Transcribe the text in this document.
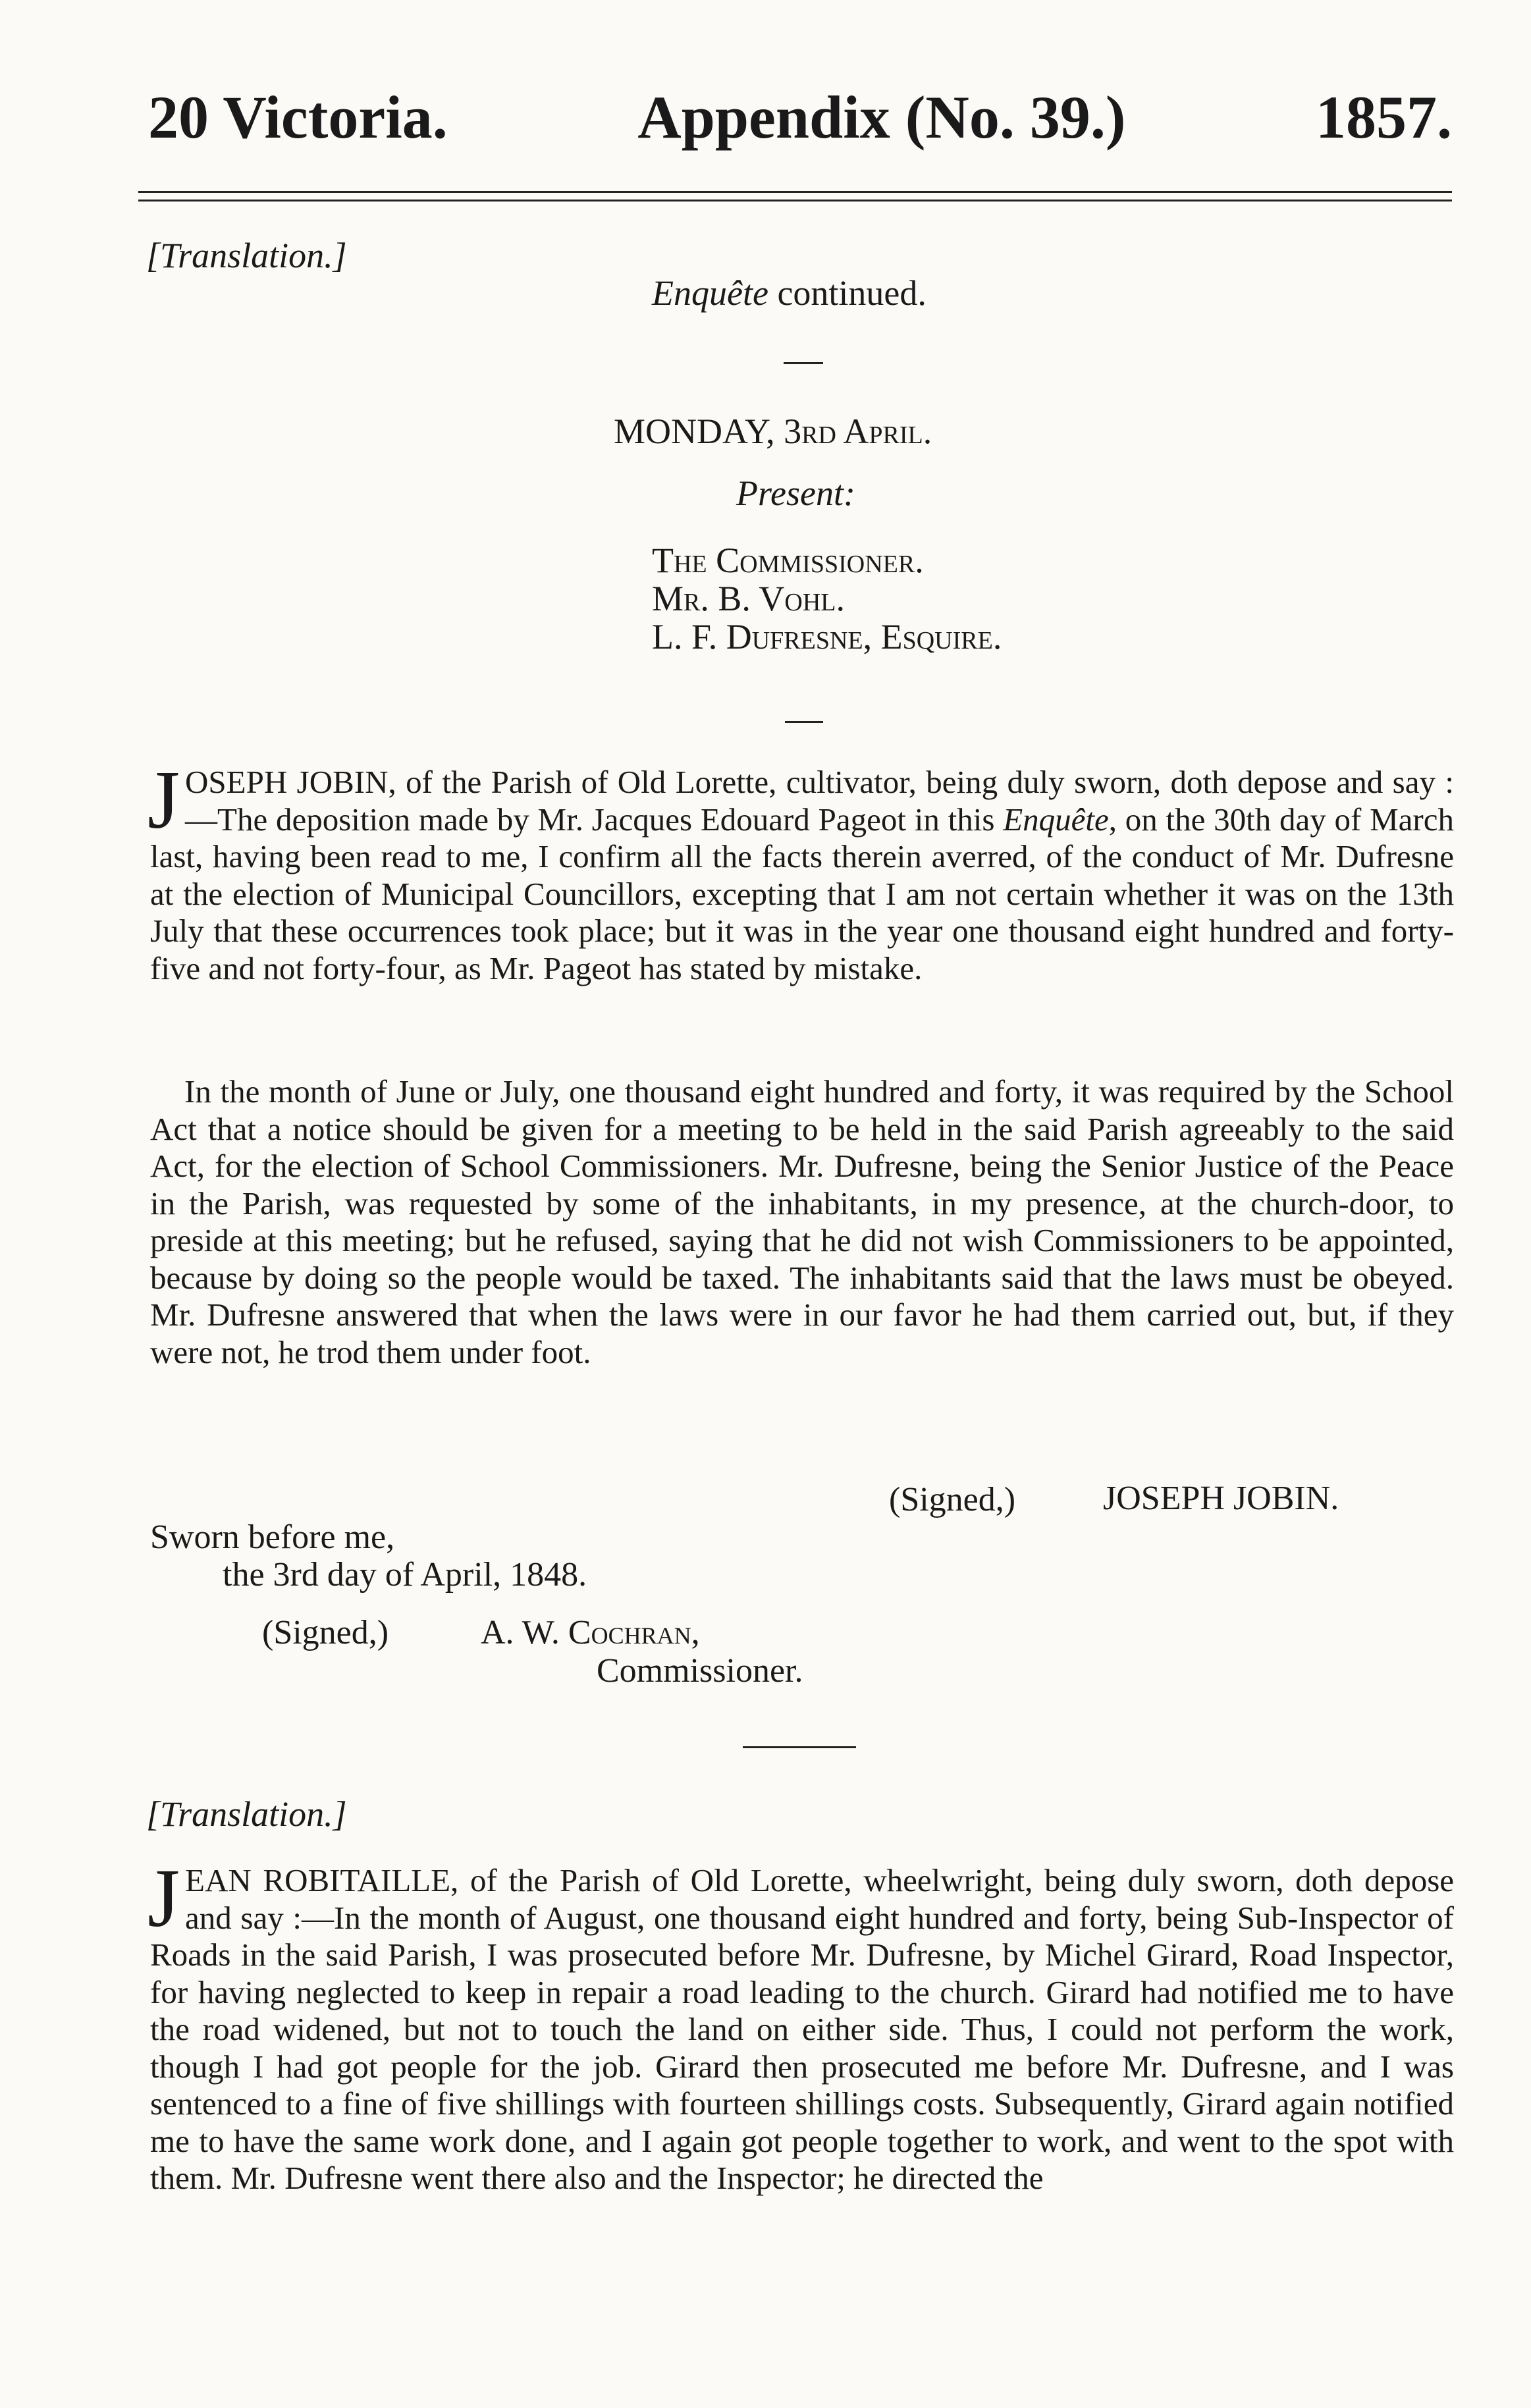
20 Victoria.	Appendix (No. 39.)	1857.
[Translation.]
Enquête continued.
MONDAY, 3rd April.
Present:
The Commissioner.
Mr. B. Vohl.
L. F. Dufresne, Esquire.
JOSEPH JOBIN, of the Parish of Old Lorette, cultivator, being duly sworn, doth depose and say :—The deposition made by Mr. Jacques Edouard Pageot in this Enquête, on the 30th day of March last, having been read to me, I confirm all the facts therein averred, of the conduct of Mr. Dufresne at the election of Municipal Councillors, excepting that I am not certain whether it was on the 13th July that these occurrences took place; but it was in the year one thousand eight hundred and forty-five and not forty-four, as Mr. Pageot has stated by mistake.
In the month of June or July, one thousand eight hundred and forty, it was required by the School Act that a notice should be given for a meeting to be held in the said Parish agreeably to the said Act, for the election of School Commissioners. Mr. Dufresne, being the Senior Justice of the Peace in the Parish, was requested by some of the inhabitants, in my presence, at the church-door, to preside at this meeting; but he refused, saying that he did not wish Commissioners to be appointed, because by doing so the people would be taxed. The inhabitants said that the laws must be obeyed. Mr. Dufresne answered that when the laws were in our favor he had them carried out, but, if they were not, he trod them under foot.
(Signed,)	JOSEPH JOBIN.
Sworn before me,
the 3rd day of April, 1848.
(Signed,)	A. W. Cochran,
Commissioner.
[Translation.]
JEAN ROBITAILLE, of the Parish of Old Lorette, wheelwright, being duly sworn, doth depose and say :—In the month of August, one thousand eight hundred and forty, being Sub-Inspector of Roads in the said Parish, I was prosecuted before Mr. Dufresne, by Michel Girard, Road Inspector, for having neglected to keep in repair a road leading to the church. Girard had notified me to have the road widened, but not to touch the land on either side. Thus, I could not perform the work, though I had got people for the job. Girard then prosecuted me before Mr. Dufresne, and I was sentenced to a fine of five shillings with fourteen shillings costs. Subsequently, Girard again notified me to have the same work done, and I again got people together to work, and went to the spot with them. Mr. Dufresne went there also and the Inspector; he directed the
